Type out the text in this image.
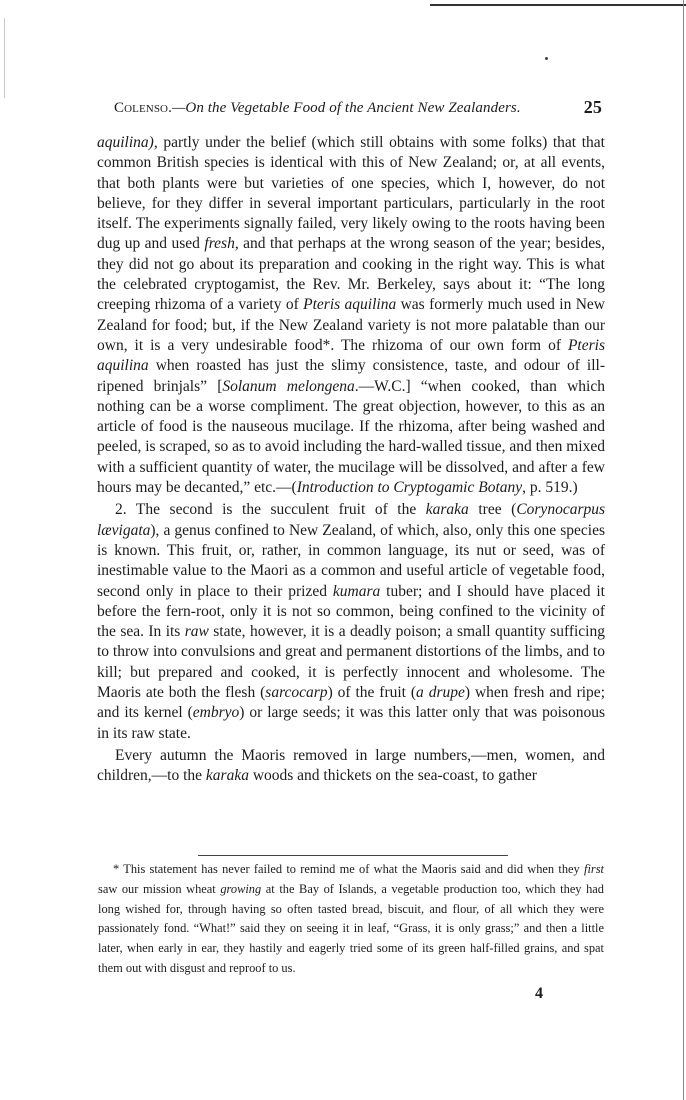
Colenso.—On the Vegetable Food of the Ancient New Zealanders.	25

aquilina), partly under the belief (which still obtains with some folks) that that common British species is identical with this of New Zealand; or, at all events, that both plants were but varieties of one species, which I, however, do not believe, for they differ in several important particulars, particularly in the root itself. The experiments signally failed, very likely owing to the roots having been dug up and used fresh, and that perhaps at the wrong season of the year; besides, they did not go about its preparation and cooking in the right way. This is what the celebrated cryptogamist, the Rev. Mr. Berkeley, says about it: “The long creeping rhizoma of a variety of Pteris aquilina was formerly much used in New Zealand for food; but, if the New Zealand variety is not more palatable than our own, it is a very undesirable food*. The rhizoma of our own form of Pteris aquilina when roasted has just the slimy consistence, taste, and odour of ill-ripened brinjals” [Solanum melongena.—W.C.] “when cooked, than which nothing can be a worse compliment. The great objection, however, to this as an article of food is the nauseous mucilage. If the rhizoma, after being washed and peeled, is scraped, so as to avoid including the hard-walled tissue, and then mixed with a sufficient quantity of water, the mucilage will be dissolved, and after a few hours may be decanted,” etc.—(Introduction to Cryptogamic Botany, p. 519.)

2. The second is the succulent fruit of the karaka tree (Corynocarpus lævigata), a genus confined to New Zealand, of which, also, only this one species is known. This fruit, or, rather, in common language, its nut or seed, was of inestimable value to the Maori as a common and useful article of vegetable food, second only in place to their prized kumara tuber; and I should have placed it before the fern-root, only it is not so common, being confined to the vicinity of the sea. In its raw state, however, it is a deadly poison; a small quantity sufficing to throw into convulsions and great and permanent distortions of the limbs, and to kill; but prepared and cooked, it is perfectly innocent and wholesome. The Maoris ate both the flesh (sarcocarp) of the fruit (a drupe) when fresh and ripe; and its kernel (embryo) or large seeds; it was this latter only that was poisonous in its raw state.

Every autumn the Maoris removed in large numbers,—men, women, and children,—to the karaka woods and thickets on the sea-coast, to gather

* This statement has never failed to remind me of what the Maoris said and did when they first saw our mission wheat growing at the Bay of Islands, a vegetable production too, which they had long wished for, through having so often tasted bread, biscuit, and flour, of all which they were passionately fond. “What!” said they on seeing it in leaf, “Grass, it is only grass;” and then a little later, when early in ear, they hastily and eagerly tried some of its green half-filled grains, and spat them out with disgust and reproof to us.
4
